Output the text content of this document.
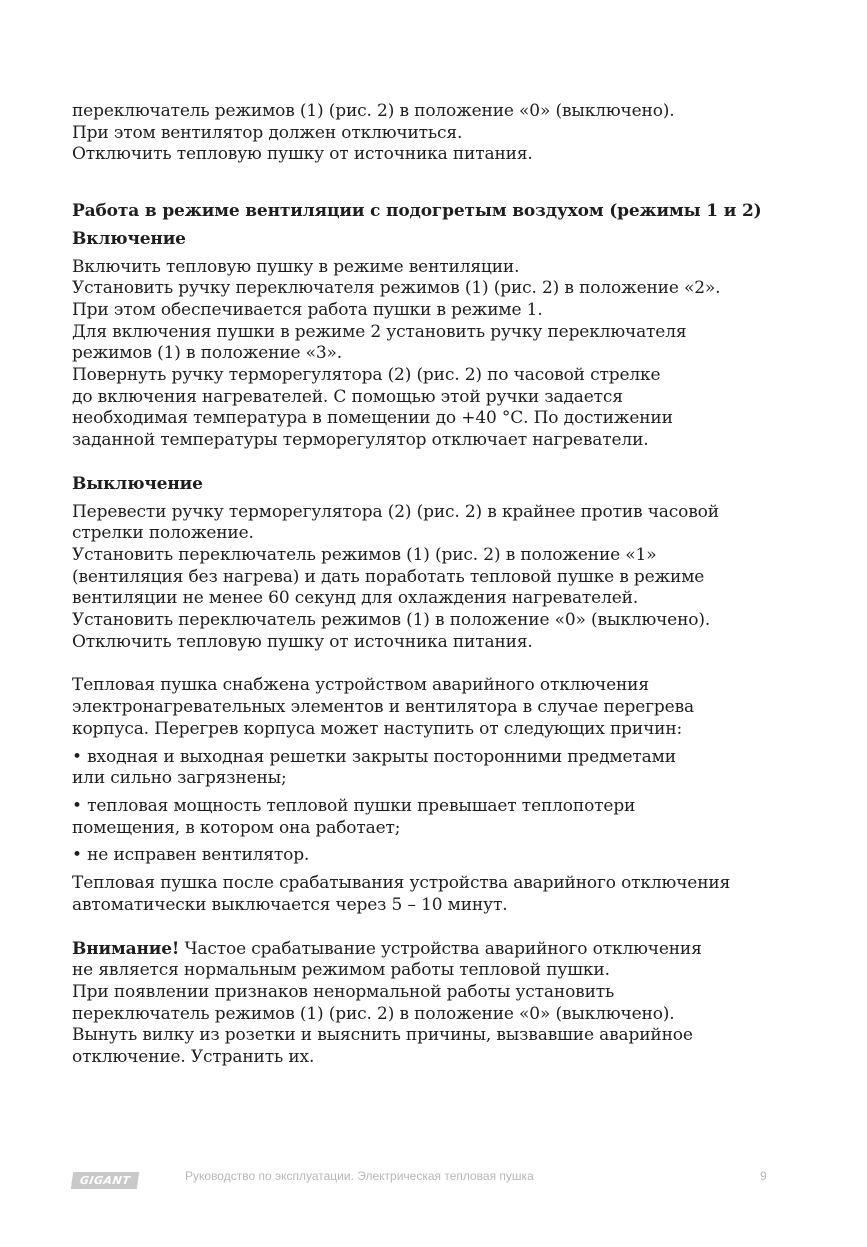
переключатель режимов (1) (рис. 2) в положение «0» (выключено).
При этом вентилятор должен отключиться.
Отключить тепловую пушку от источника питания.
Работа в режиме вентиляции с подогретым воздухом (режимы 1 и 2)
Включение
Включить тепловую пушку в режиме вентиляции.
Установить ручку переключателя режимов (1) (рис. 2) в положение «2».
При этом обеспечивается работа пушки в режиме 1.
Для включения пушки в режиме 2 установить ручку переключателя
режимов (1) в положение «3».
Повернуть ручку терморегулятора (2) (рис. 2) по часовой стрелке
до включения нагревателей. С помощью этой ручки задается
необходимая температура в помещении до +40 °С. По достижении
заданной температуры терморегулятор отключает нагреватели.
Выключение
Перевести ручку терморегулятора (2) (рис. 2) в крайнее против часовой
стрелки положение.
Установить переключатель режимов (1) (рис. 2) в положение «1»
(вентиляция без нагрева) и дать поработать тепловой пушке в режиме
вентиляции не менее 60 секунд для охлаждения нагревателей.
Установить переключатель режимов (1) в положение «0» (выключено).
Отключить тепловую пушку от источника питания.
Тепловая пушка снабжена устройством аварийного отключения
электронагревательных элементов и вентилятора в случае перегрева
корпуса. Перегрев корпуса может наступить от следующих причин:
• входная и выходная решетки закрыты посторонними предметами
или сильно загрязнены;
• тепловая мощность тепловой пушки превышает теплопотери
помещения, в котором она работает;
• не исправен вентилятор.
Тепловая пушка после срабатывания устройства аварийного отключения
автоматически выключается через 5 – 10 минут.
Внимание! Частое срабатывание устройства аварийного отключения
не является нормальным режимом работы тепловой пушки.
При появлении признаков ненормальной работы установить
переключатель режимов (1) (рис. 2) в положение «0» (выключено).
Вынуть вилку из розетки и выяснить причины, вызвавшие аварийное
отключение. Устранить их.
GIGANT	Руководство по эксплуатации. Электрическая тепловая пушка	9
